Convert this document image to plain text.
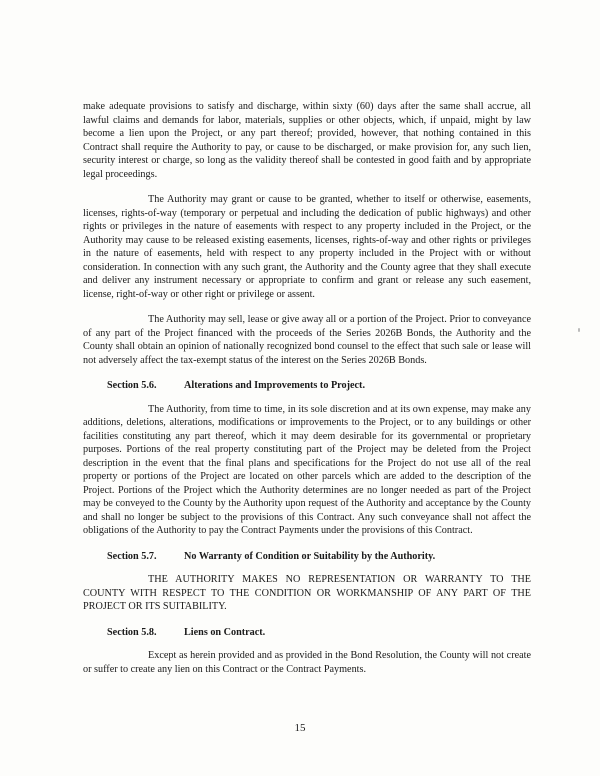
make adequate provisions to satisfy and discharge, within sixty (60) days after the same shall accrue, all lawful claims and demands for labor, materials, supplies or other objects, which, if unpaid, might by law become a lien upon the Project, or any part thereof; provided, however, that nothing contained in this Contract shall require the Authority to pay, or cause to be discharged, or make provision for, any such lien, security interest or charge, so long as the validity thereof shall be contested in good faith and by appropriate legal proceedings.

The Authority may grant or cause to be granted, whether to itself or otherwise, easements, licenses, rights-of-way (temporary or perpetual and including the dedication of public highways) and other rights or privileges in the nature of easements with respect to any property included in the Project, or the Authority may cause to be released existing easements, licenses, rights-of-way and other rights or privileges in the nature of easements, held with respect to any property included in the Project with or without consideration. In connection with any such grant, the Authority and the County agree that they shall execute and deliver any instrument necessary or appropriate to confirm and grant or release any such easement, license, right-of-way or other right or privilege or assent.

The Authority may sell, lease or give away all or a portion of the Project. Prior to conveyance of any part of the Project financed with the proceeds of the Series 2026B Bonds, the Authority and the County shall obtain an opinion of nationally recognized bond counsel to the effect that such sale or lease will not adversely affect the tax-exempt status of the interest on the Series 2026B Bonds.

Section 5.6.	Alterations and Improvements to Project.

The Authority, from time to time, in its sole discretion and at its own expense, may make any additions, deletions, alterations, modifications or improvements to the Project, or to any buildings or other facilities constituting any part thereof, which it may deem desirable for its governmental or proprietary purposes. Portions of the real property constituting part of the Project may be deleted from the Project description in the event that the final plans and specifications for the Project do not use all of the real property or portions of the Project are located on other parcels which are added to the description of the Project. Portions of the Project which the Authority determines are no longer needed as part of the Project may be conveyed to the County by the Authority upon request of the Authority and acceptance by the County and shall no longer be subject to the provisions of this Contract. Any such conveyance shall not affect the obligations of the Authority to pay the Contract Payments under the provisions of this Contract.

Section 5.7.	No Warranty of Condition or Suitability by the Authority.

THE AUTHORITY MAKES NO REPRESENTATION OR WARRANTY TO THE COUNTY WITH RESPECT TO THE CONDITION OR WORKMANSHIP OF ANY PART OF THE PROJECT OR ITS SUITABILITY.

Section 5.8.	Liens on Contract.

Except as herein provided and as provided in the Bond Resolution, the County will not create or suffer to create any lien on this Contract or the Contract Payments.

15
